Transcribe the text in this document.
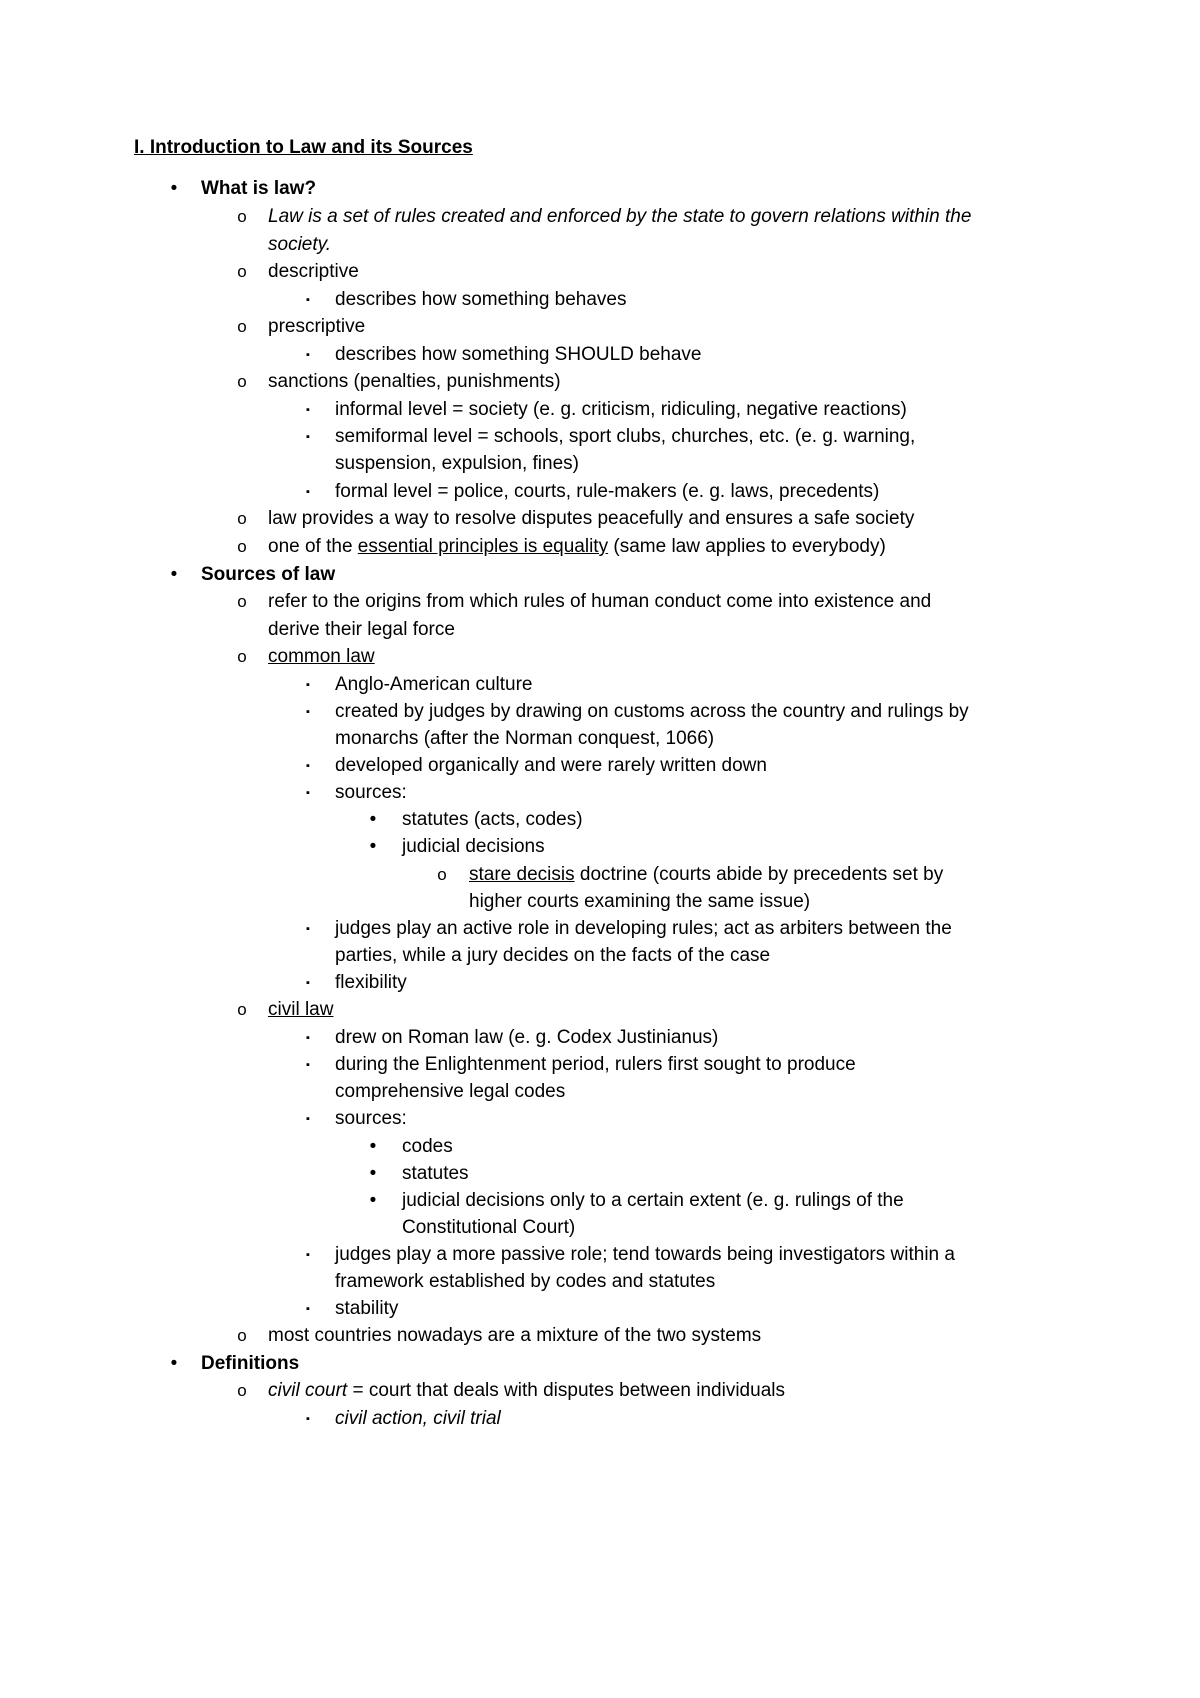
I. Introduction to Law and its Sources
•	What is law?
o Law is a set of rules created and enforced by the state to govern relations within the
society.
o descriptive
▪	describes how something behaves
o prescriptive
▪	describes how something SHOULD behave
o sanctions (penalties, punishments)
▪	informal level = society (e. g. criticism, ridiculing, negative reactions)
▪	semiformal level = schools, sport clubs, churches, etc. (e. g. warning,
suspension, expulsion, fines)
▪	formal level = police, courts, rule-makers (e. g. laws, precedents)
o law provides a way to resolve disputes peacefully and ensures a safe society
o one of the essential principles is equality (same law applies to everybody)
•	Sources of law
o refer to the origins from which rules of human conduct come into existence and
derive their legal force
o common law
▪	Anglo-American culture
▪	created by judges by drawing on customs across the country and rulings by
monarchs (after the Norman conquest, 1066)
▪	developed organically and were rarely written down
▪	sources:
•	statutes (acts, codes)
•	judicial decisions
o stare decisis doctrine (courts abide by precedents set by
higher courts examining the same issue)
▪	judges play an active role in developing rules; act as arbiters between the
parties, while a jury decides on the facts of the case
▪	flexibility
o civil law
▪	drew on Roman law (e. g. Codex Justinianus)
▪	during the Enlightenment period, rulers first sought to produce
comprehensive legal codes
▪	sources:
•	codes
•	statutes
•	judicial decisions only to a certain extent (e. g. rulings of the
Constitutional Court)
▪	judges play a more passive role; tend towards being investigators within a
framework established by codes and statutes
▪	stability
o most countries nowadays are a mixture of the two systems
•	Definitions
o civil court = court that deals with disputes between individuals
▪	civil action, civil trial
